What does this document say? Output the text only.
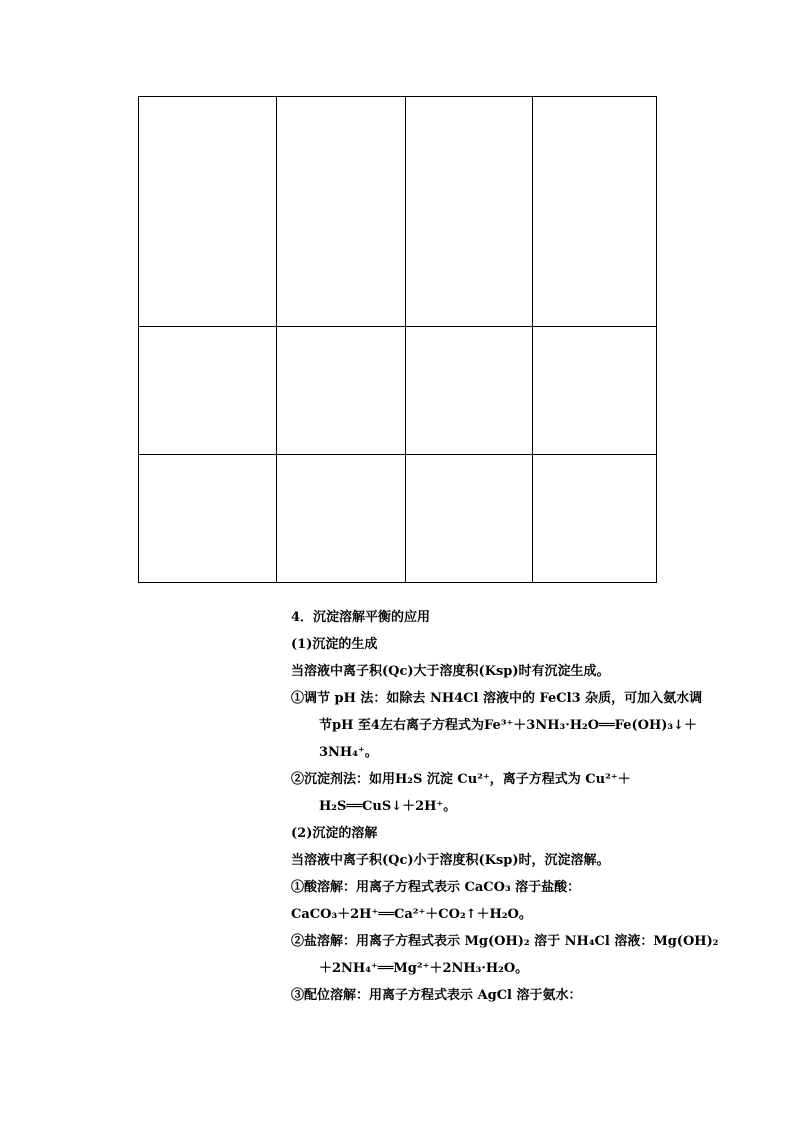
4．沉淀溶解平衡的应用
(1)沉淀的生成
当溶液中离子积(Qc)大于溶度积(Ksp)时有沉淀生成。
①调节 pH 法：如除去 NH4Cl 溶液中的 FeCl3 杂质，可加入氨水调
节pH 至4左右离子方程式为Fe³⁺＋3NH₃·H₂O══Fe(OH)₃↓＋
3NH₄⁺。
②沉淀剂法：如用H₂S 沉淀 Cu²⁺，离子方程式为 Cu²⁺＋
H₂S══CuS↓＋2H⁺。
(2)沉淀的溶解
当溶液中离子积(Qc)小于溶度积(Ksp)时，沉淀溶解。
①酸溶解：用离子方程式表示 CaCO₃ 溶于盐酸：
CaCO₃＋2H⁺══Ca²⁺＋CO₂↑＋H₂O。
②盐溶解：用离子方程式表示 Mg(OH)₂ 溶于 NH₄Cl 溶液：Mg(OH)₂
＋2NH₄⁺══Mg²⁺＋2NH₃·H₂O。
③配位溶解：用离子方程式表示 AgCl 溶于氨水：
